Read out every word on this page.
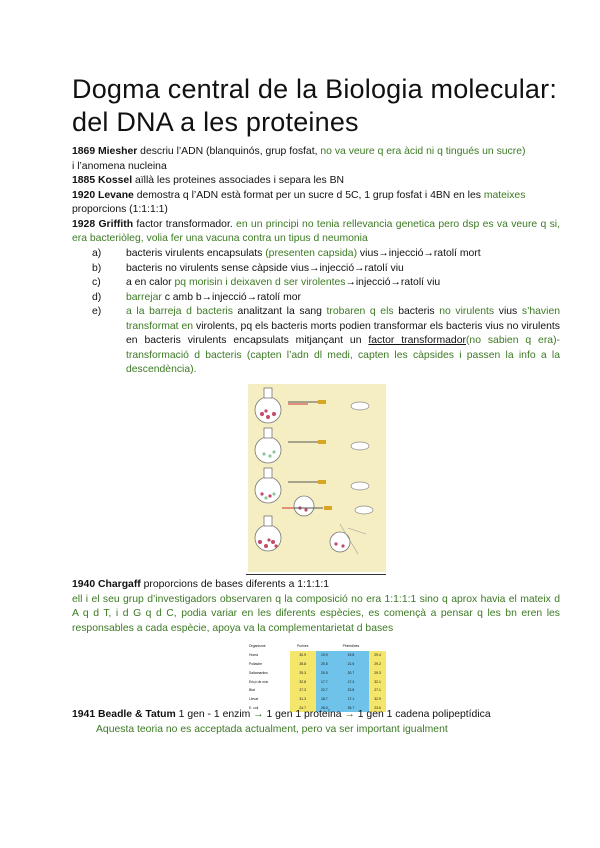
Dogma central de la Biologia molecular: del DNA a les proteines
1869 Miesher descriu l’ADN (blanquinós, grup fosfat, no va veure q era àcid ni q tingués un sucre)
i l’anomena nucleina
1885 Kossel aïllà les proteines associades i separa les BN
1920 Levane demostra q l’ADN està format per un sucre d 5C, 1 grup fosfat i 4BN en les mateixes
proporcions (1:1:1:1)
1928 Griffith factor transformador. en un principi no tenia rellevancia genetica pero dsp es va veure q si, era bacteriòleg, volia fer una vacuna contra un tipus d neumonia
a)	bacteris virulents encapsulats (presenten capsida) vius→injecció→ratolí mort
b)	bacteris no virulents sense càpside vius→injecció→ratolí viu
c)	a en calor pq morisin i deixaven d ser virolentes→injecció→ratolí viu
d)	barrejar c amb b→injecció→ratolí mor
e)	a la barreja d bacteris analitzant la sang trobaren q els bacteris no virulents vius s’havien transformat en virolents, pq els bacteris morts podien transformar els bacteris vius no virulents en bacteris virulents encapsulats mitjançant un factor transformador(no sabien q era)-transformació d bacteris (capten l’adn dl medi, capten les càpsides i passen la info a la descendència).
1940 Chargaff proporcions de bases diferents a 1:1:1:1
ell i el seu grup d’investigadors observaren q la composició no era 1:1:1:1 sino q aprox havia el mateix d A q d T, i d G q d C, podia variar en les diferents espècies, es començà a pensar q les bn eren les responsables a cada espècie, apoya va la complementarietat d bases
Organisme	Purines		Pirimidines	
Humà	30.9	19.9	19.8	29.4
Pollastre	28.8	20.5	21.5	29.2
Saltamartins	29.3	20.5	20.7	29.3
Eriçó de mar	32.8	17.7	17.3	32.1
Blat	27.3	22.7	22.8	27.1
Llevat	31.3	18.7	17.1	32.9
E. coli	24.7	26.0	25.7	23.6
1941 Beadle & Tatum 1 gen - 1 enzim → 1 gen 1 proteina → 1 gen 1 cadena polipeptídica
Aquesta teoria no es acceptada actualment, pero va ser important igualment
